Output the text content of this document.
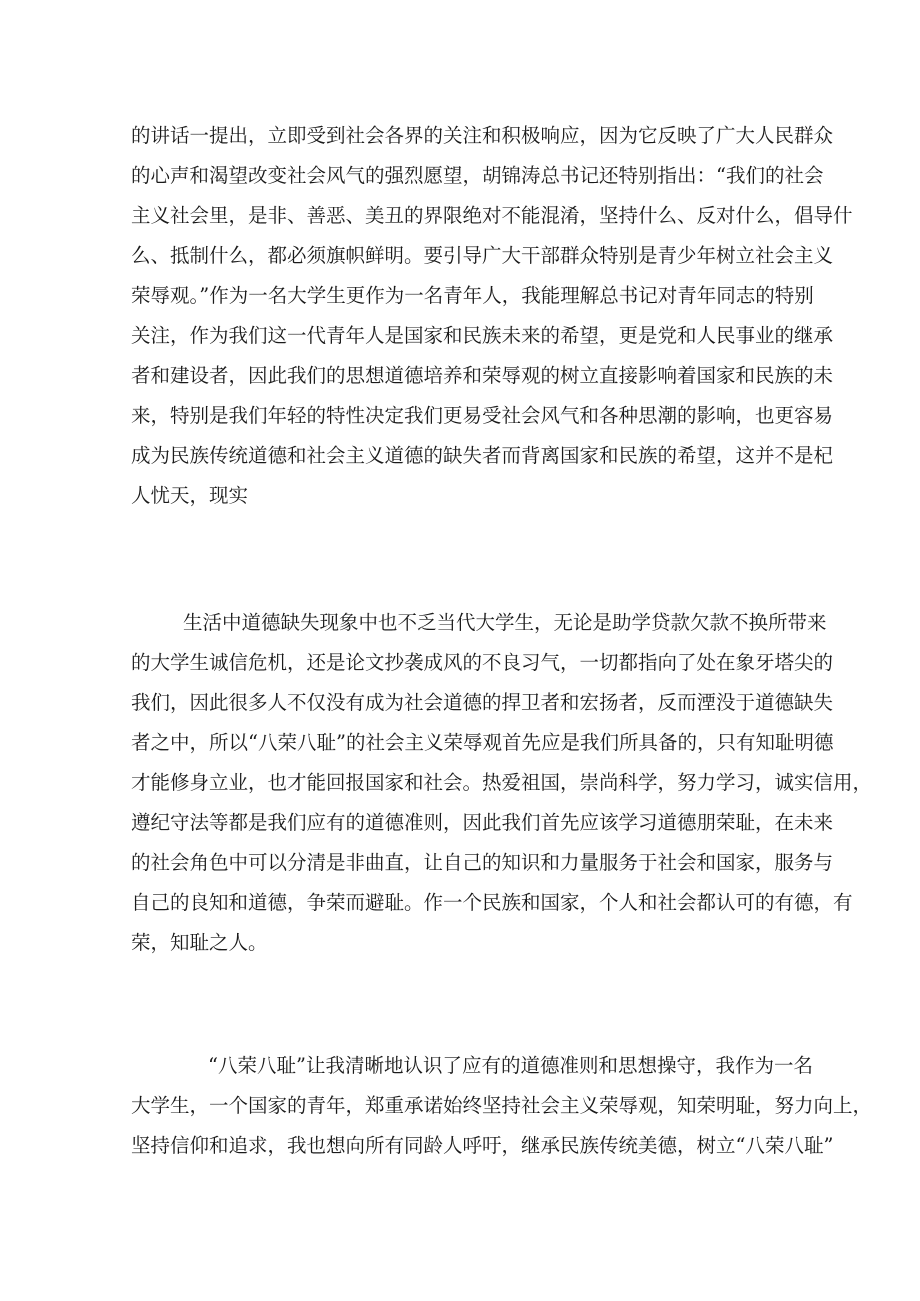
的讲话一提出，立即受到社会各界的关注和积极响应，因为它反映了广大人民群众
的心声和渴望改变社会风气的强烈愿望，胡锦涛总书记还特别指出：“我们的社会
主义社会里，是非、善恶、美丑的界限绝对不能混淆，坚持什么、反对什么，倡导什
么、抵制什么，都必须旗帜鲜明。要引导广大干部群众特别是青少年树立社会主义
荣辱观。”作为一名大学生更作为一名青年人，我能理解总书记对青年同志的特别
关注，作为我们这一代青年人是国家和民族未来的希望，更是党和人民事业的继承
者和建设者，因此我们的思想道德培养和荣辱观的树立直接影响着国家和民族的未
来，特别是我们年轻的特性决定我们更易受社会风气和各种思潮的影响，也更容易
成为民族传统道德和社会主义道德的缺失者而背离国家和民族的希望，这并不是杞
人忧天，现实
生活中道德缺失现象中也不乏当代大学生，无论是助学贷款欠款不换所带来
的大学生诚信危机，还是论文抄袭成风的不良习气，一切都指向了处在象牙塔尖的
我们，因此很多人不仅没有成为社会道德的捍卫者和宏扬者，反而湮没于道德缺失
者之中，所以“八荣八耻”的社会主义荣辱观首先应是我们所具备的，只有知耻明德
才能修身立业，也才能回报国家和社会。热爱祖国，崇尚科学，努力学习，诚实信用，
遵纪守法等都是我们应有的道德准则，因此我们首先应该学习道德朋荣耻，在未来
的社会角色中可以分清是非曲直，让自己的知识和力量服务于社会和国家，服务与
自己的良知和道德，争荣而避耻。作一个民族和国家，个人和社会都认可的有德，有
荣，知耻之人。
“八荣八耻”让我清晰地认识了应有的道德准则和思想操守，我作为一名
大学生，一个国家的青年，郑重承诺始终坚持社会主义荣辱观，知荣明耻，努力向上，
坚持信仰和追求，我也想向所有同龄人呼吁，继承民族传统美德，树立“八荣八耻”
